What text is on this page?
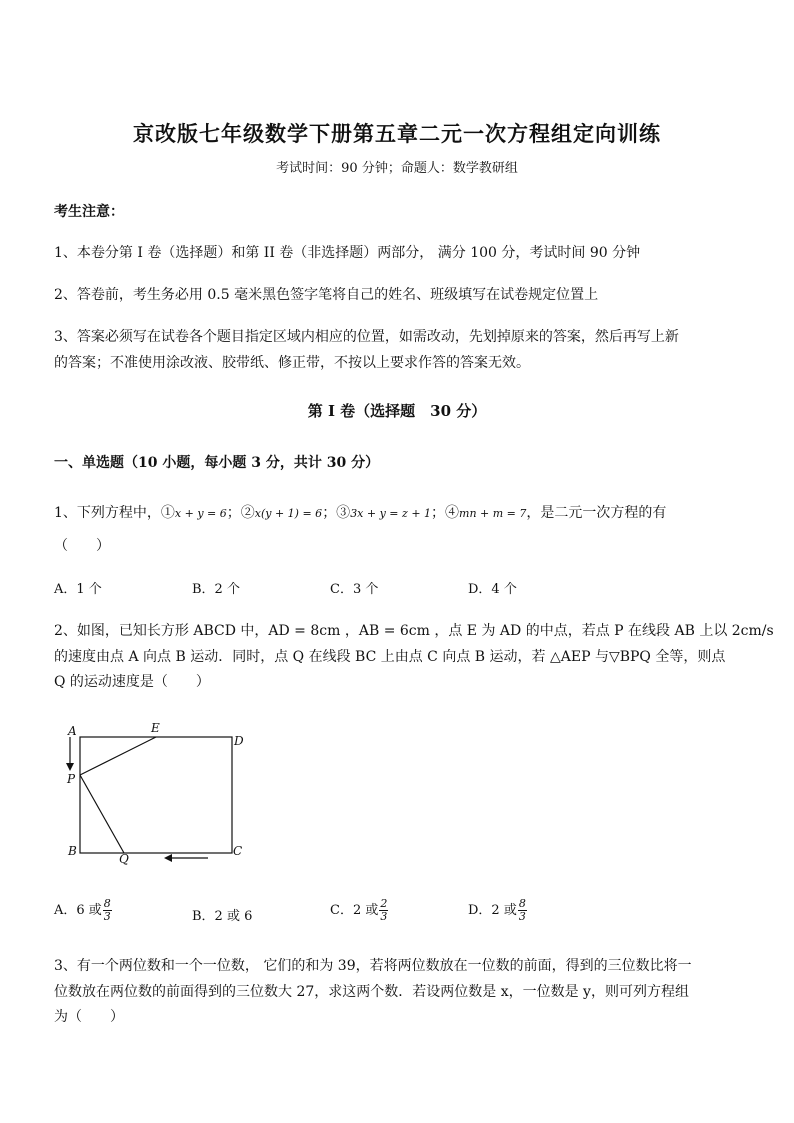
京改版七年级数学下册第五章二元一次方程组定向训练
考试时间：90 分钟；命题人：数学教研组
考生注意：
1、本卷分第 I 卷（选择题）和第 II 卷（非选择题）两部分， 满分 100 分，考试时间 90 分钟
2、答卷前，考生务必用 0.5 毫米黑色签字笔将自己的姓名、班级填写在试卷规定位置上
3、答案必须写在试卷各个题目指定区域内相应的位置，如需改动，先划掉原来的答案，然后再写上新
的答案；不准使用涂改液、胶带纸、修正带，不按以上要求作答的答案无效。
第 I 卷（选择题　30 分）
一、单选题（10 小题，每小题 3 分，共计 30 分）
1、下列方程中，①x + y = 6；②x(y + 1) = 6；③3x + y = z + 1；④mn + m = 7，是二元一次方程的有
（　　）
A．1 个	B．2 个	C．3 个	D．4 个
2、如图，已知长方形 ABCD 中，AD = 8cm ，AB = 6cm ，点 E 为 AD 的中点，若点 P 在线段 AB 上以 2cm/s
的速度由点 A 向点 B 运动．同时，点 Q 在线段 BC 上由点 C 向点 B 运动，若 △AEP 与▽BPQ 全等，则点
Q 的运动速度是（　　）
A	E
D
P
B
Q
C
A．6 或 $\frac{8}{3}$	B．2 或 6	C．2 或 $\frac{2}{3}$	D．2 或 $\frac{8}{3}$
3、有一个两位数和一个一位数， 它们的和为 39，若将两位数放在一位数的前面，得到的三位数比将一
位数放在两位数的前面得到的三位数大 27，求这两个数．若设两位数是 x，一位数是 y，则可列方程组
为（　　）
